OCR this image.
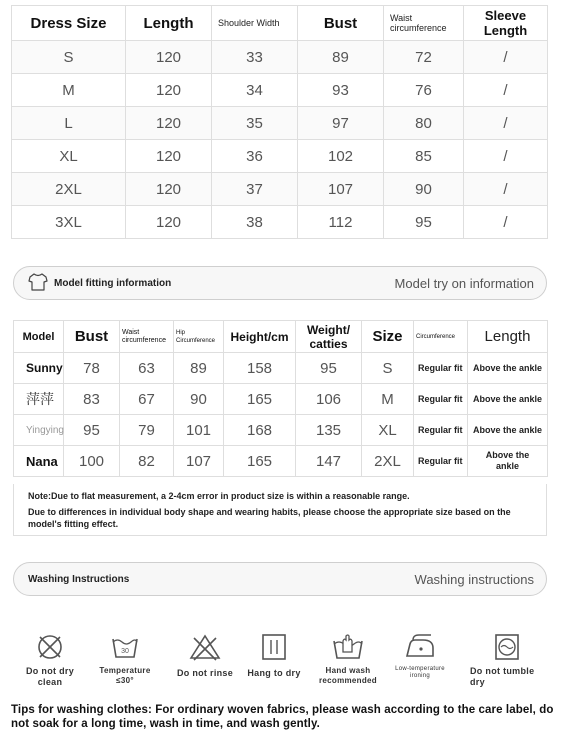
Dress Size	Length	Shoulder Width	Bust	Waist circumference	Sleeve Length
S	120	33	89	72	/
M	120	34	93	76	/
L	120	35	97	80	/
XL	120	36	102	85	/
2XL	120	37	107	90	/
3XL	120	38	112	95	/
Model fitting information	Model try on information
Model	Bust	Waist circumference	Hip Circumference	Height/cm	Weight/ catties	Size	Circumference	Length
Sunny	78	63	89	158	95	S	Regular fit	Above the ankle
萍萍	83	67	90	165	106	M	Regular fit	Above the ankle
Yingying	95	79	101	168	135	XL	Regular fit	Above the ankle
Nana	100	82	107	165	147	2XL	Regular fit	Above the ankle
Note:Due to flat measurement, a 2-4cm error in product size is within a reasonable range.
Due to differences in individual body shape and wearing habits, please choose the appropriate size based on the model's fitting effect.
Washing Instructions	Washing instructions
Do not dry clean
30
Temperature ≤30°
Do not rinse	Hang to dry	Hand wash recommended
Low-temperature ironing	Do not tumble dry
Tips for washing clothes: For ordinary woven fabrics, please wash according to the care label, do not soak for a long time, wash in time, and wash gently.
